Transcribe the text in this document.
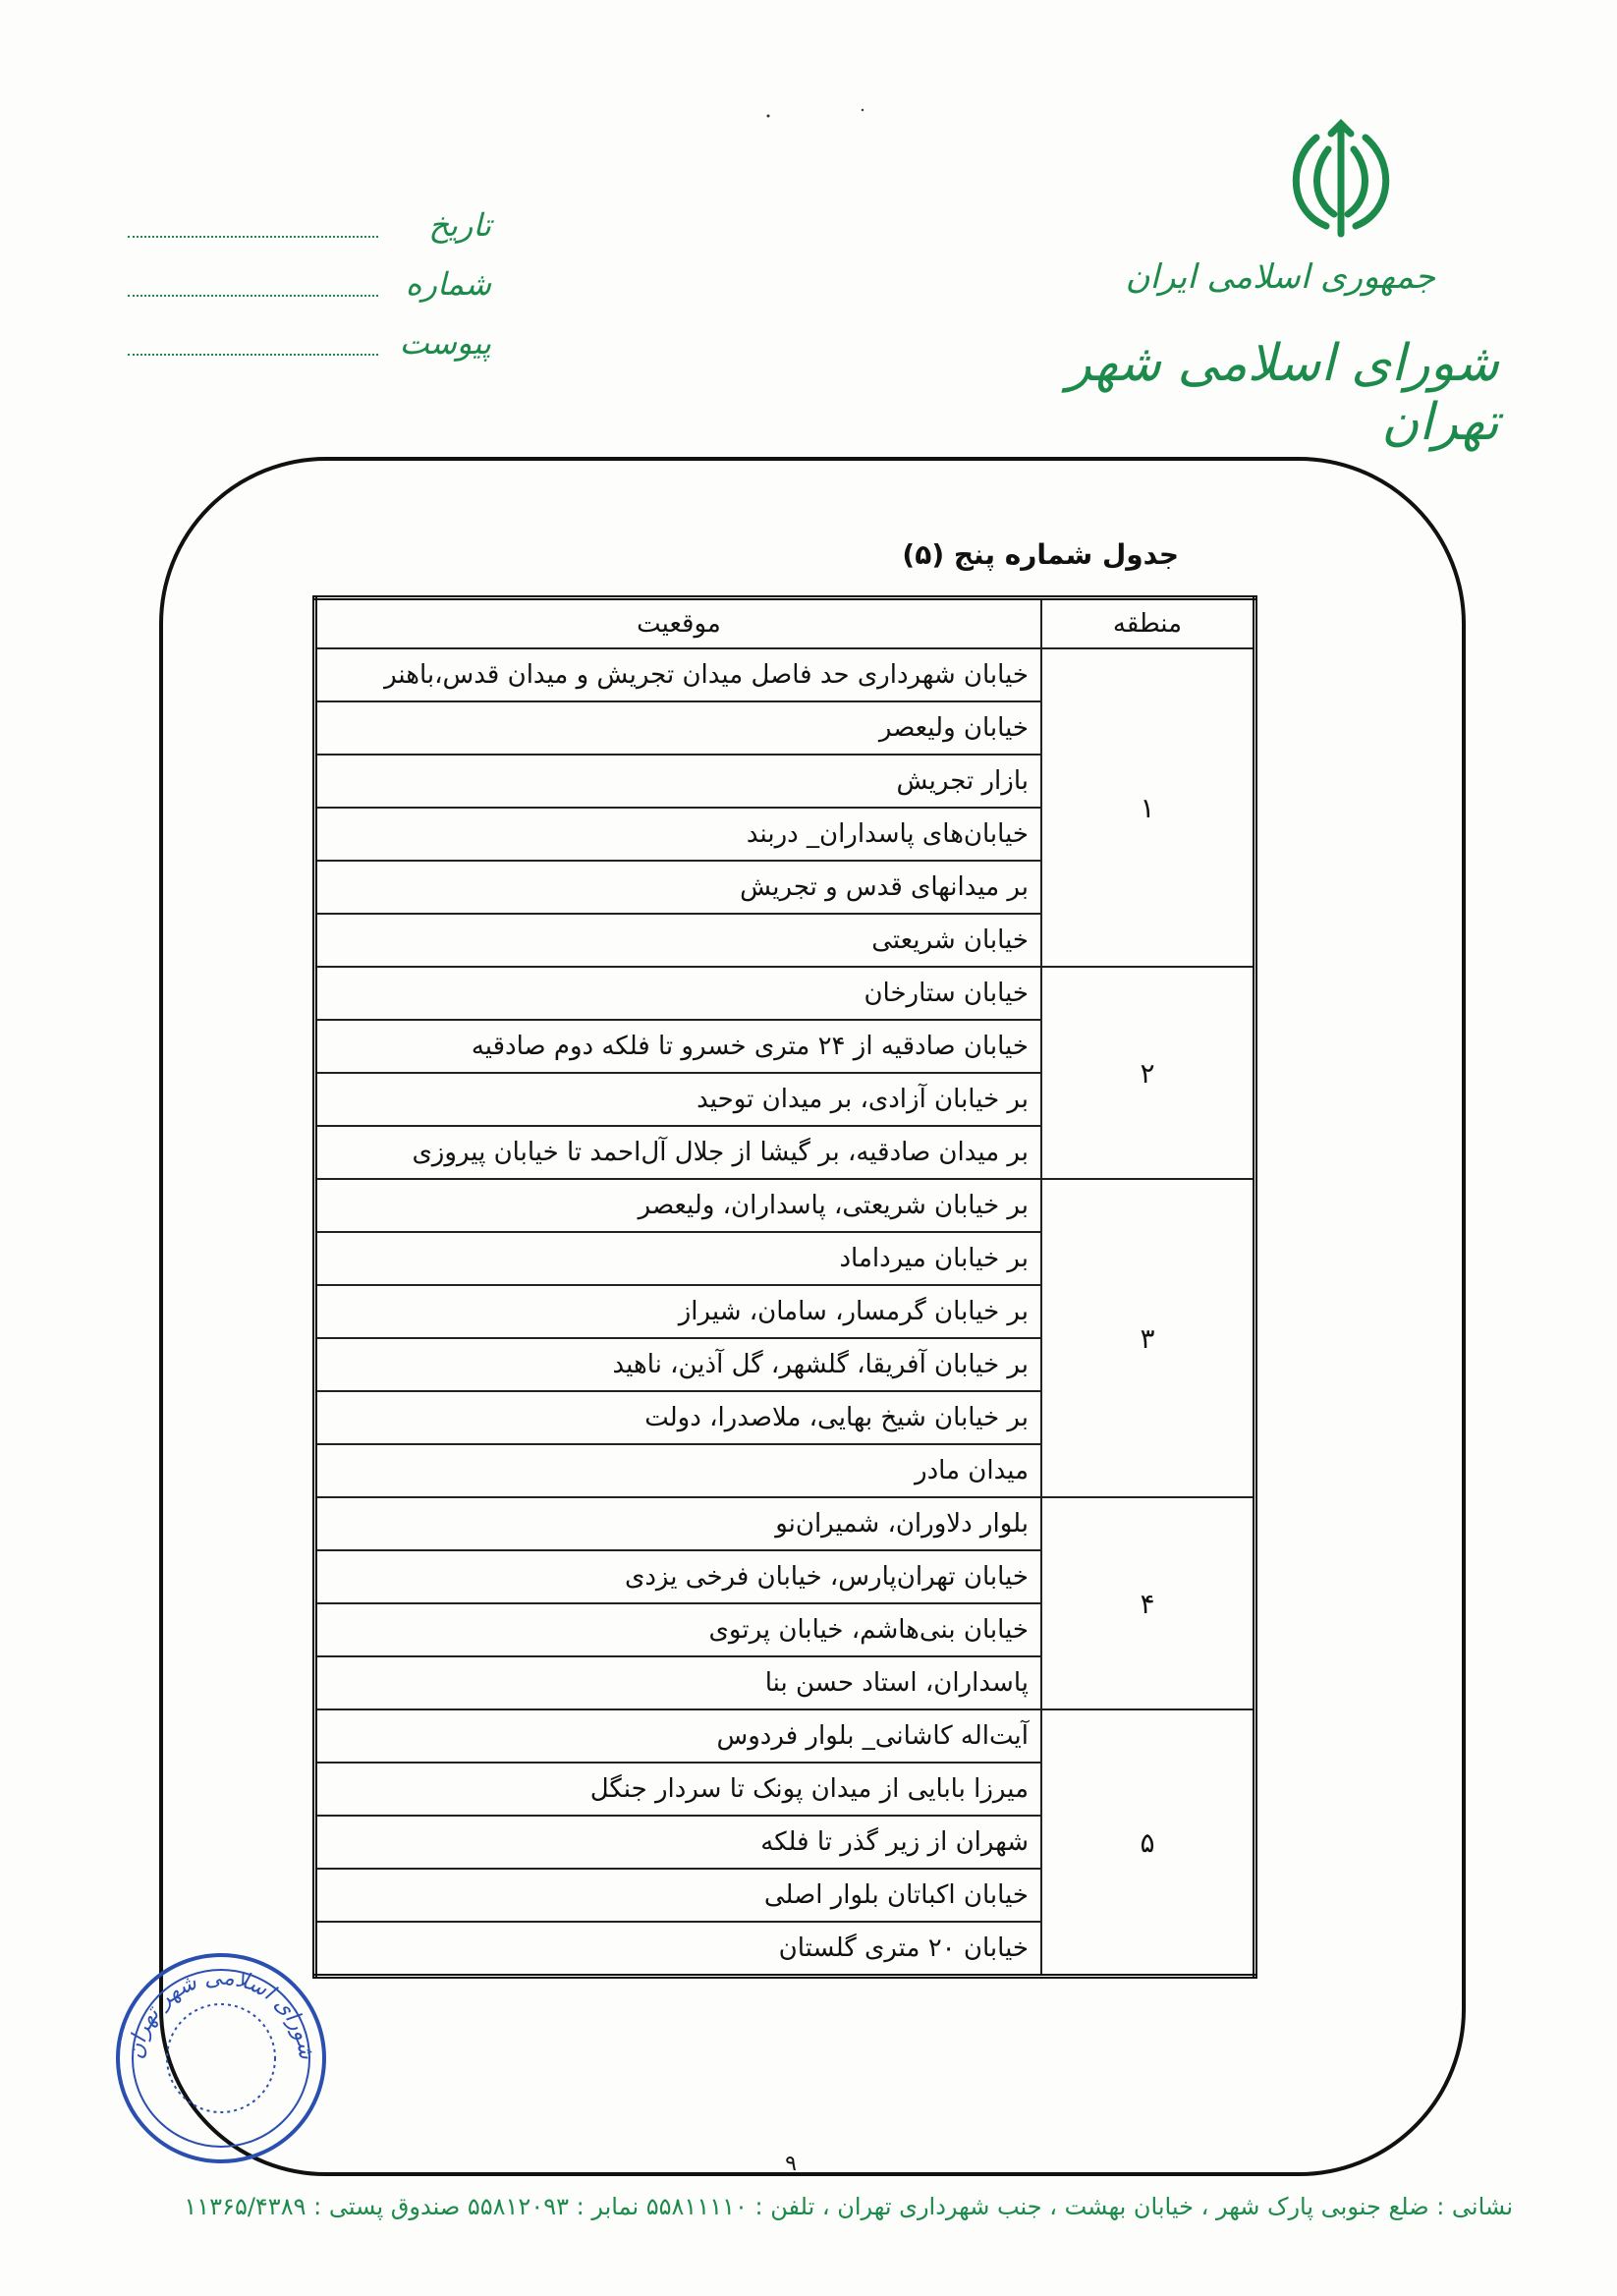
جمهوری اسلامی ایران
شورای اسلامی شهر تهران
تاریخ
شماره
پیوست
جدول شماره پنج (۵)
منطقه	موقعیت
۱	خیابان شهرداری حد فاصل میدان تجریش و میدان قدس،باهنر
	خیابان ولیعصر
	بازار تجریش
	خیابان‌های پاسداران_ دربند
	بر میدانهای قدس و تجریش
	خیابان شریعتی
۲	خیابان ستارخان
	خیابان صادقیه از ۲۴ متری خسرو تا فلکه دوم صادقیه
	بر خیابان آزادی، بر میدان توحید
	بر میدان صادقیه، بر گیشا از جلال آل‌احمد تا خیابان پیروزی
۳	بر خیابان شریعتی، پاسداران، ولیعصر
	بر خیابان میرداماد
	بر خیابان گرمسار، سامان، شیراز
	بر خیابان آفریقا، گلشهر، گل آذین، ناهید
	بر خیابان شیخ بهایی، ملاصدرا، دولت
	میدان مادر
۴	بلوار دلاوران، شمیران‌نو
	خیابان تهران‌پارس، خیابان فرخی یزدی
	خیابان بنی‌هاشم، خیابان پرتوی
	پاسداران، استاد حسن بنا
۵	آیت‌اله کاشانی_ بلوار فردوس
	میرزا بابایی از میدان پونک تا سردار جنگل
	شهران از زیر گذر تا فلکه
	خیابان اکباتان بلوار اصلی
	خیابان ۲۰ متری گلستان
۹
شورای اسلامی شهر تهران
نشانی : ضلع جنوبی پارک شهر ، خیابان بهشت ، جنب شهرداری تهران ، تلفن : ۵۵۸۱۱۱۱۰ نمابر : ۵۵۸۱۲۰۹۳ صندوق پستی : ۱۱۳۶۵/۴۳۸۹
